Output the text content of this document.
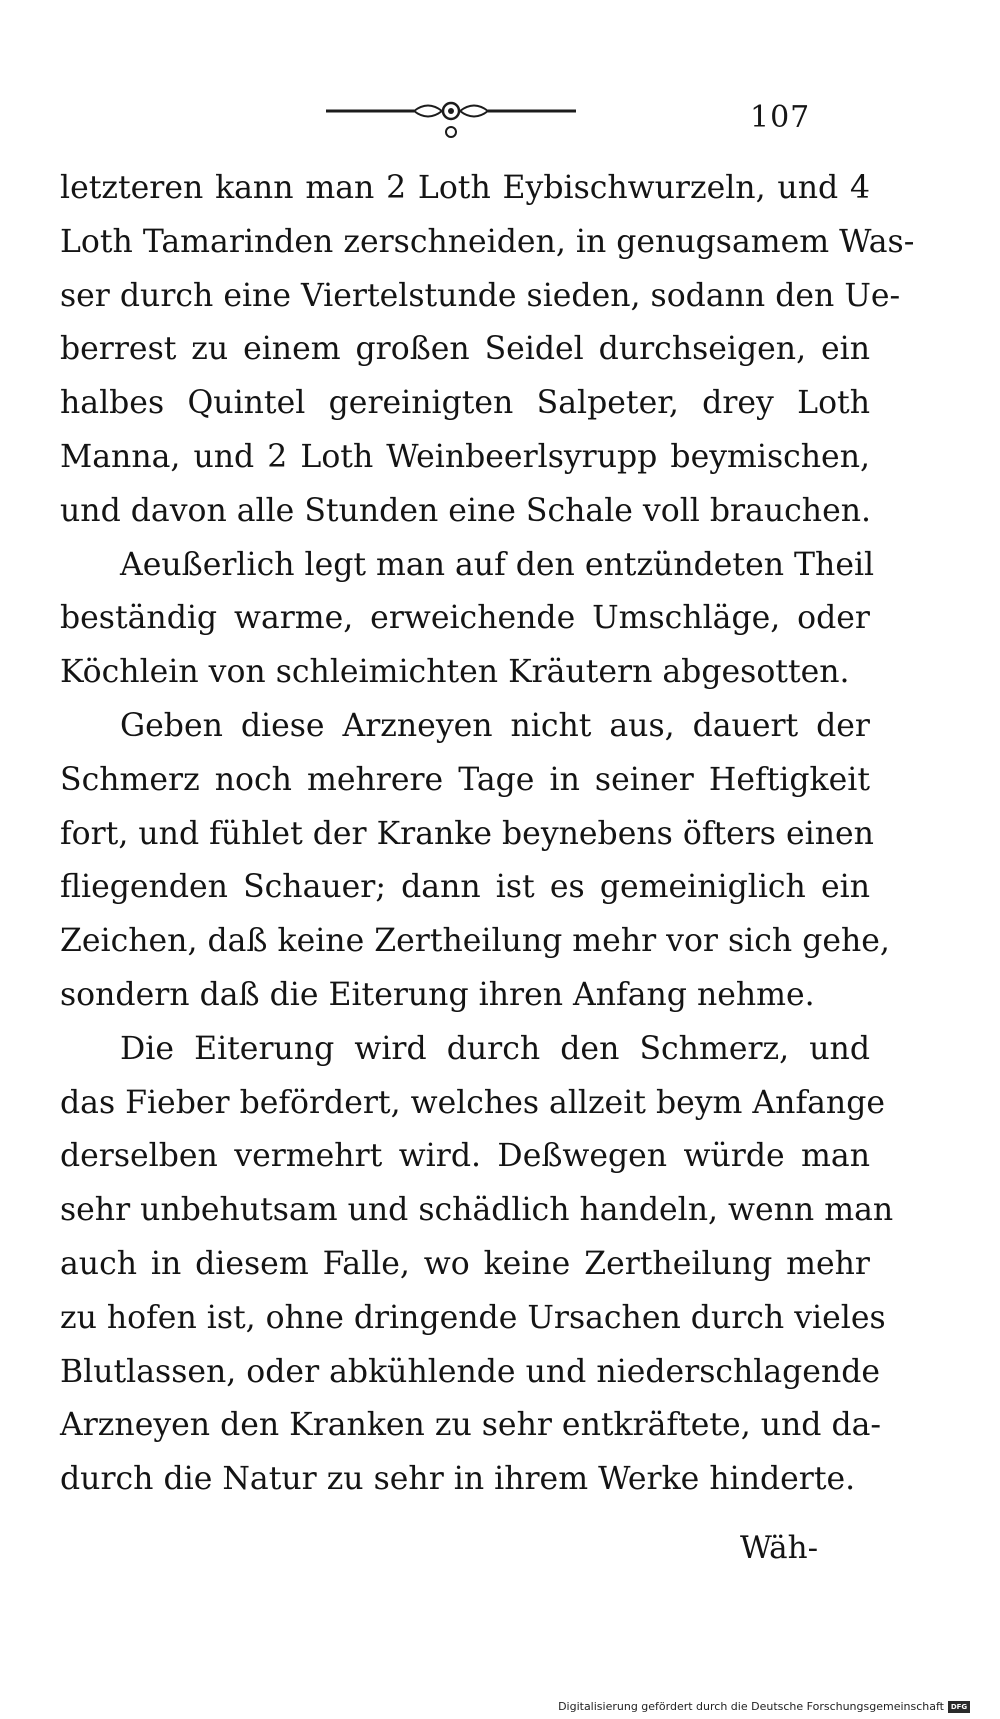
107
letzteren kann man 2 Loth Eybischwurzeln, und 4
Loth Tamarinden zerschneiden, in genugsamem Was-
ser durch eine Viertelstunde sieden, sodann den Ue-
berrest zu einem großen Seidel durchseigen, ein
halbes Quintel gereinigten Salpeter, drey Loth
Manna, und 2 Loth Weinbeerlsyrupp beymischen,
und davon alle Stunden eine Schale voll brauchen.
Aeußerlich legt man auf den entzündeten Theil
beständig warme, erweichende Umschläge, oder
Köchlein von schleimichten Kräutern abgesotten.
Geben diese Arzneyen nicht aus, dauert der
Schmerz noch mehrere Tage in seiner Heftigkeit
fort, und fühlet der Kranke beynebens öfters einen
fliegenden Schauer; dann ist es gemeiniglich ein
Zeichen, daß keine Zertheilung mehr vor sich gehe,
sondern daß die Eiterung ihren Anfang nehme.
Die Eiterung wird durch den Schmerz, und
das Fieber befördert, welches allzeit beym Anfange
derselben vermehrt wird. Deßwegen würde man
sehr unbehutsam und schädlich handeln, wenn man
auch in diesem Falle, wo keine Zertheilung mehr
zu hofen ist, ohne dringende Ursachen durch vieles
Blutlassen, oder abkühlende und niederschlagende
Arzneyen den Kranken zu sehr entkräftete, und da-
durch die Natur zu sehr in ihrem Werke hinderte.
Wäh-
Digitalisierung gefördert durch die Deutsche Forschungsgemeinschaft DFG
